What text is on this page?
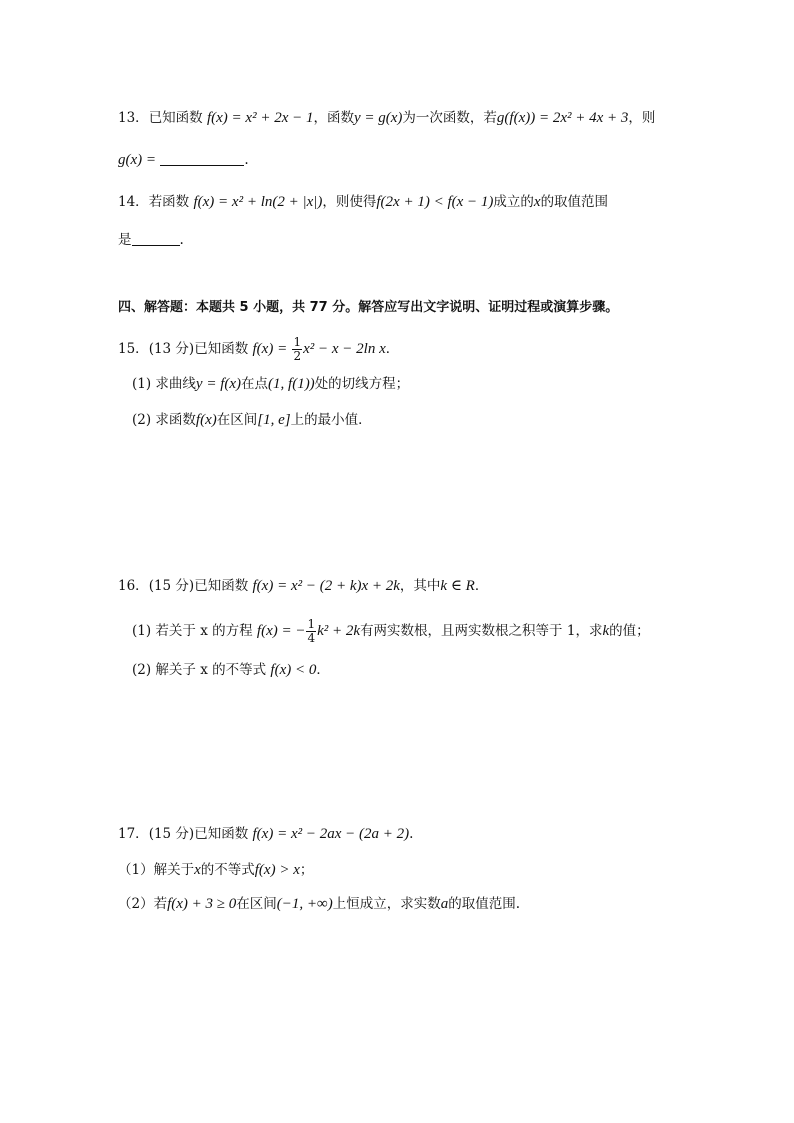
13．已知函数 f(x) = x² + 2x − 1，函数y = g(x)为一次函数，若g(f(x)) = 2x² + 4x + 3，则
g(x) =	.
14．若函数 f(x) = x² + ln(2 + |x|)，则使得f(2x + 1) < f(x − 1)成立的x的取值范围
是	.
四、解答题：本题共 5 小题，共 77 分。解答应写出文字说明、证明过程或演算步骤。
15．(13 分)已知函数 $f(x) = \frac{1}{2} x^2 - x - 2\ln$ x．
(1) 求曲线y = f(x)在点(1, f(1))处的切线方程；
(2) 求函数f(x)在区间[1, e]上的最小值．
16．(15 分)已知函数 f(x) = x² − (2 + k)x + 2k，其中k ∈ R．
(1) 若关于 x 的方程 f(x) = − $\frac{1}{4} k^2 + 2k$有两实数根，且两实数根之积等于 1，求k的值；
(2) 解关子 x 的不等式 f(x) < 0．
17．(15 分)已知函数 f(x) = x² − 2ax − (2a + 2).
（1）解关于x的不等式f(x) > x；
（2）若f(x) + 3 ≥ 0在区间(−1, +∞)上恒成立，求实数a的取值范围.
